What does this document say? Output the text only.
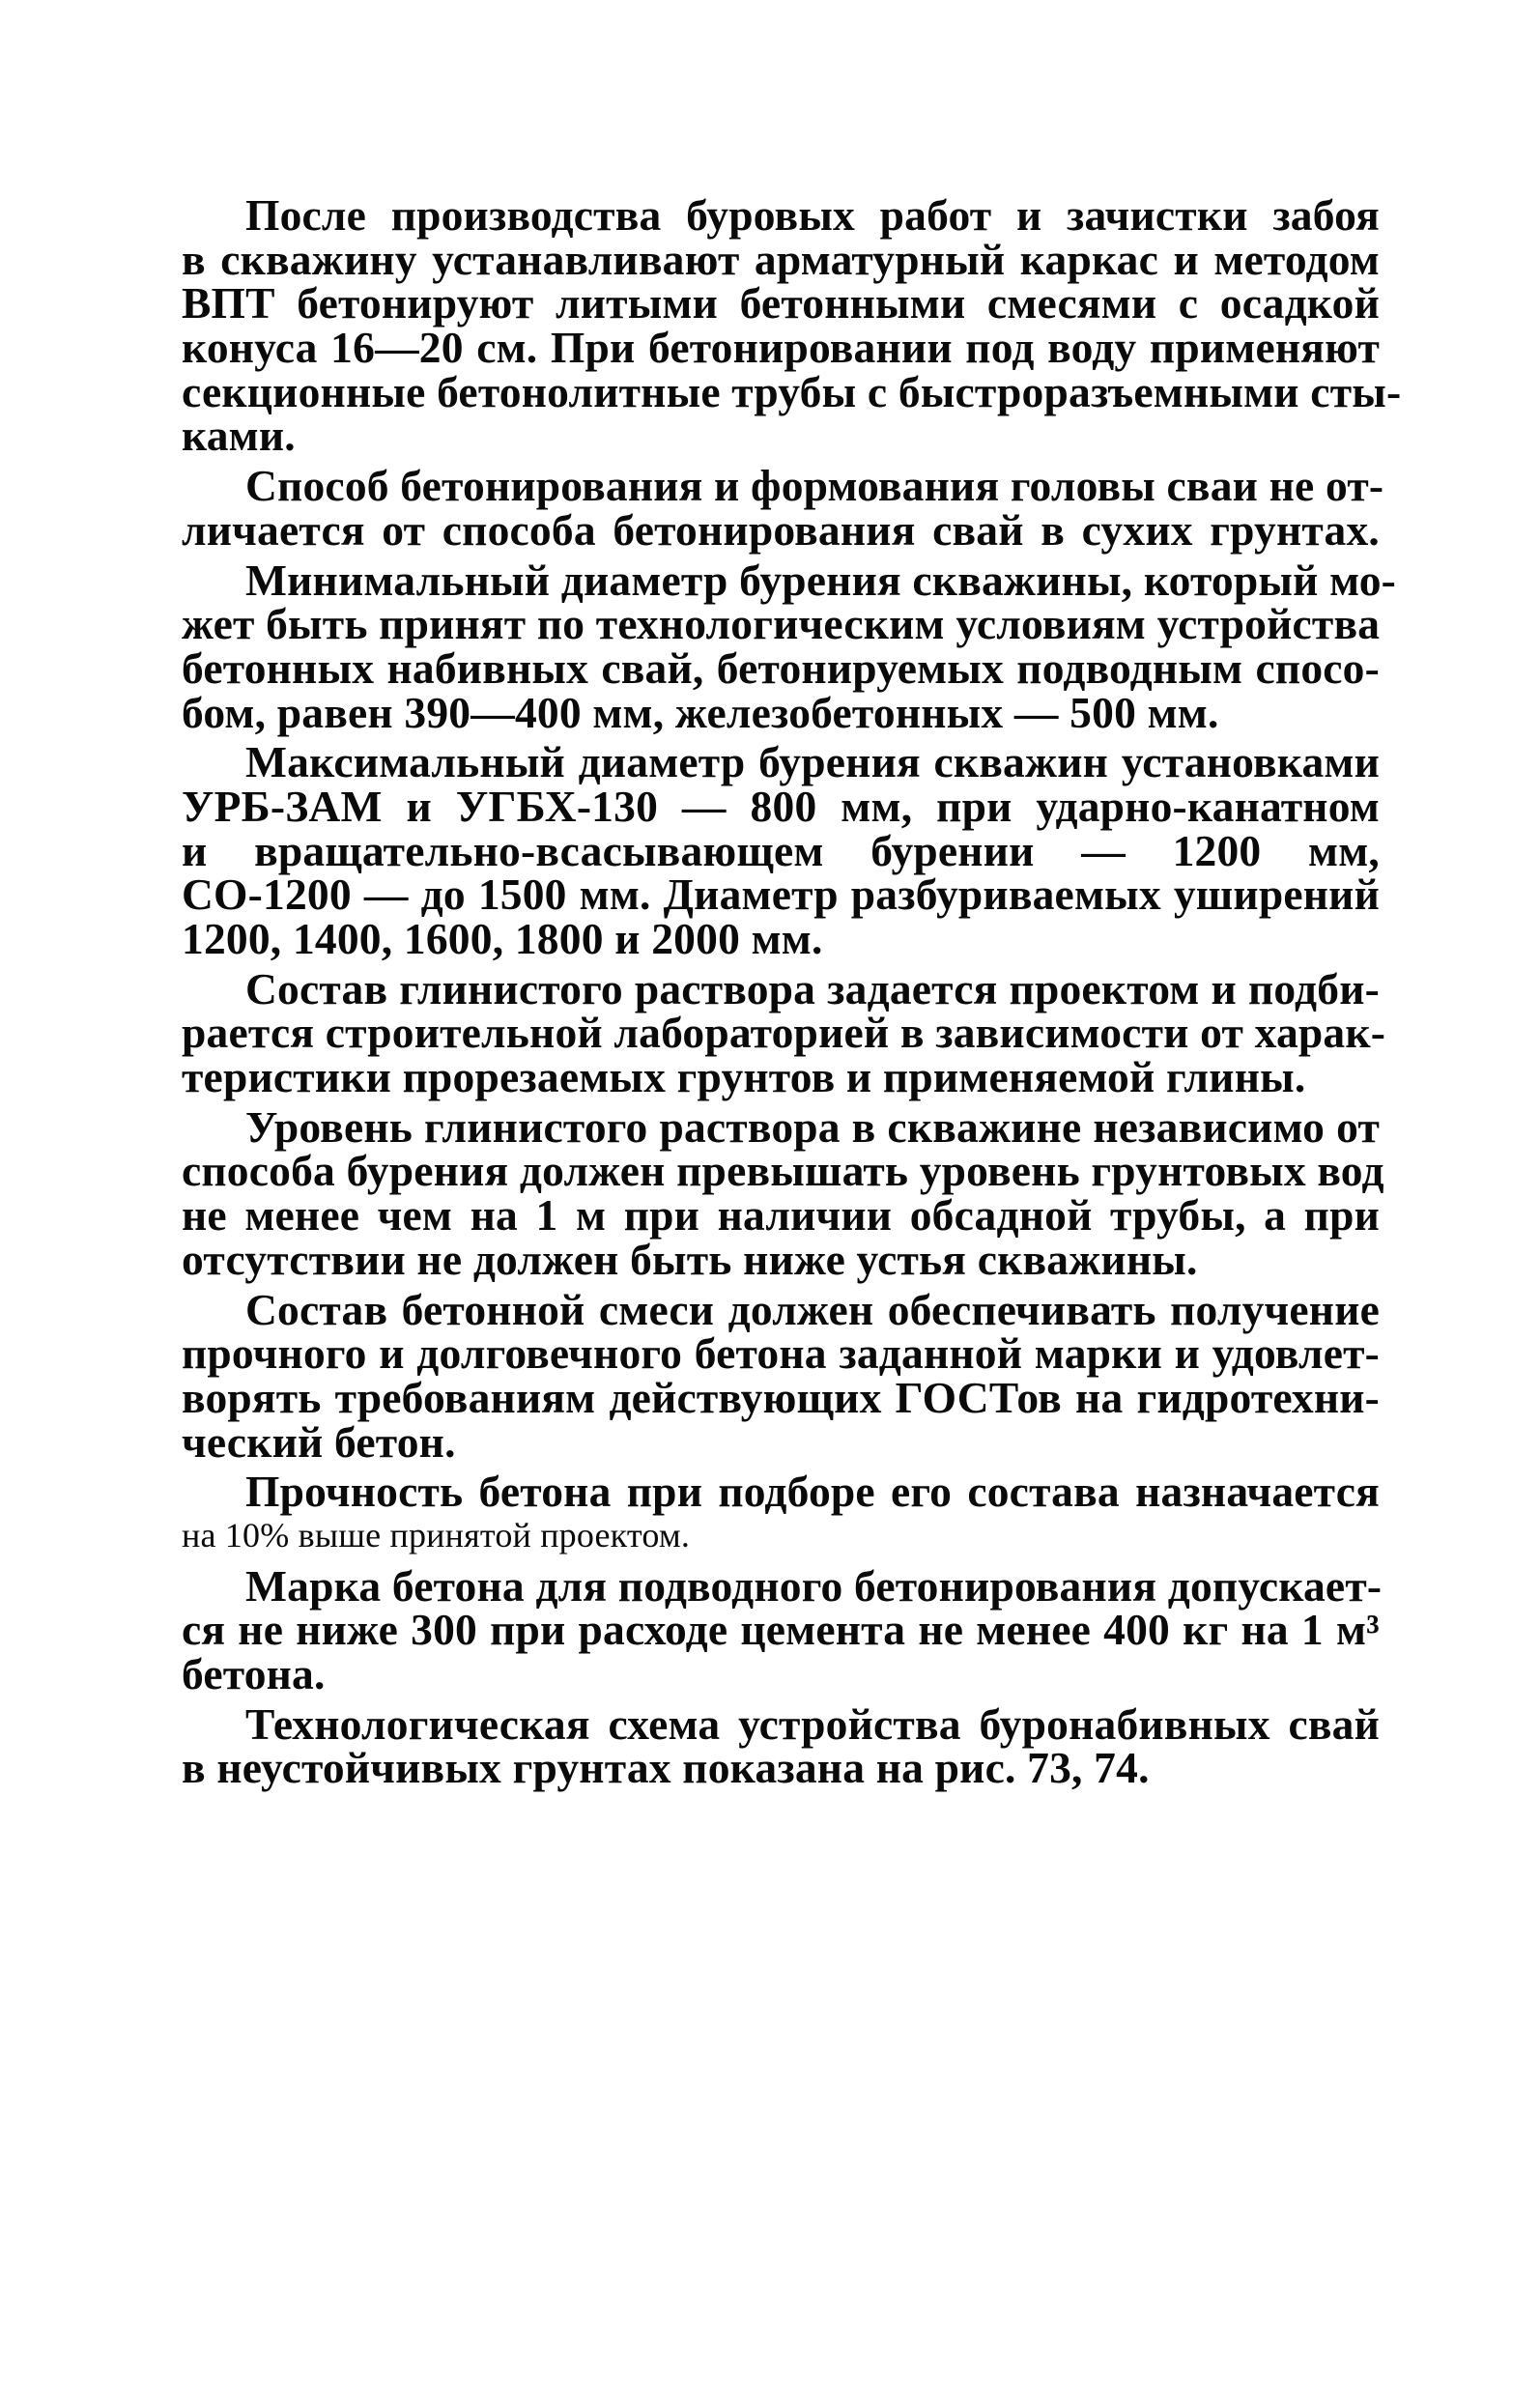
После производства буровых работ и зачистки забоя
в скважину устанавливают арматурный каркас и методом
ВПТ бетонируют литыми бетонными смесями с осадкой
конуса 16—20 см. При бетонировании под воду применяют
секционные бетонолитные трубы с быстроразъемными сты-
ками.
Способ бетонирования и формования головы сваи не от-
личается от способа бетонирования свай в сухих грунтах.
Минимальный диаметр бурения скважины, который мо-
жет быть принят по технологическим условиям устройства
бетонных набивных свай, бетонируемых подводным спосо-
бом, равен 390—400 мм, железобетонных — 500 мм.
Максимальный диаметр бурения скважин установками
УРБ-ЗАМ и УГБХ-130 — 800 мм, при ударно-канатном
и вращательно-всасывающем бурении — 1200 мм,
СО-1200 — до 1500 мм. Диаметр разбуриваемых уширений
1200, 1400, 1600, 1800 и 2000 мм.
Состав глинистого раствора задается проектом и подби-
рается строительной лабораторией в зависимости от харак-
теристики прорезаемых грунтов и применяемой глины.
Уровень глинистого раствора в скважине независимо от
способа бурения должен превышать уровень грунтовых вод
не менее чем на 1 м при наличии обсадной трубы, а при
отсутствии не должен быть ниже устья скважины.
Состав бетонной смеси должен обеспечивать получение
прочного и долговечного бетона заданной марки и удовлет-
ворять требованиям действующих ГОСТов на гидротехни-
ческий бетон.
Прочность бетона при подборе его состава назначается
на 10% выше принятой проектом.
Марка бетона для подводного бетонирования допускает-
ся не ниже 300 при расходе цемента не менее 400 кг на 1 м³
бетона.
Технологическая схема устройства буронабивных свай
в неустойчивых грунтах показана на рис. 73, 74.
